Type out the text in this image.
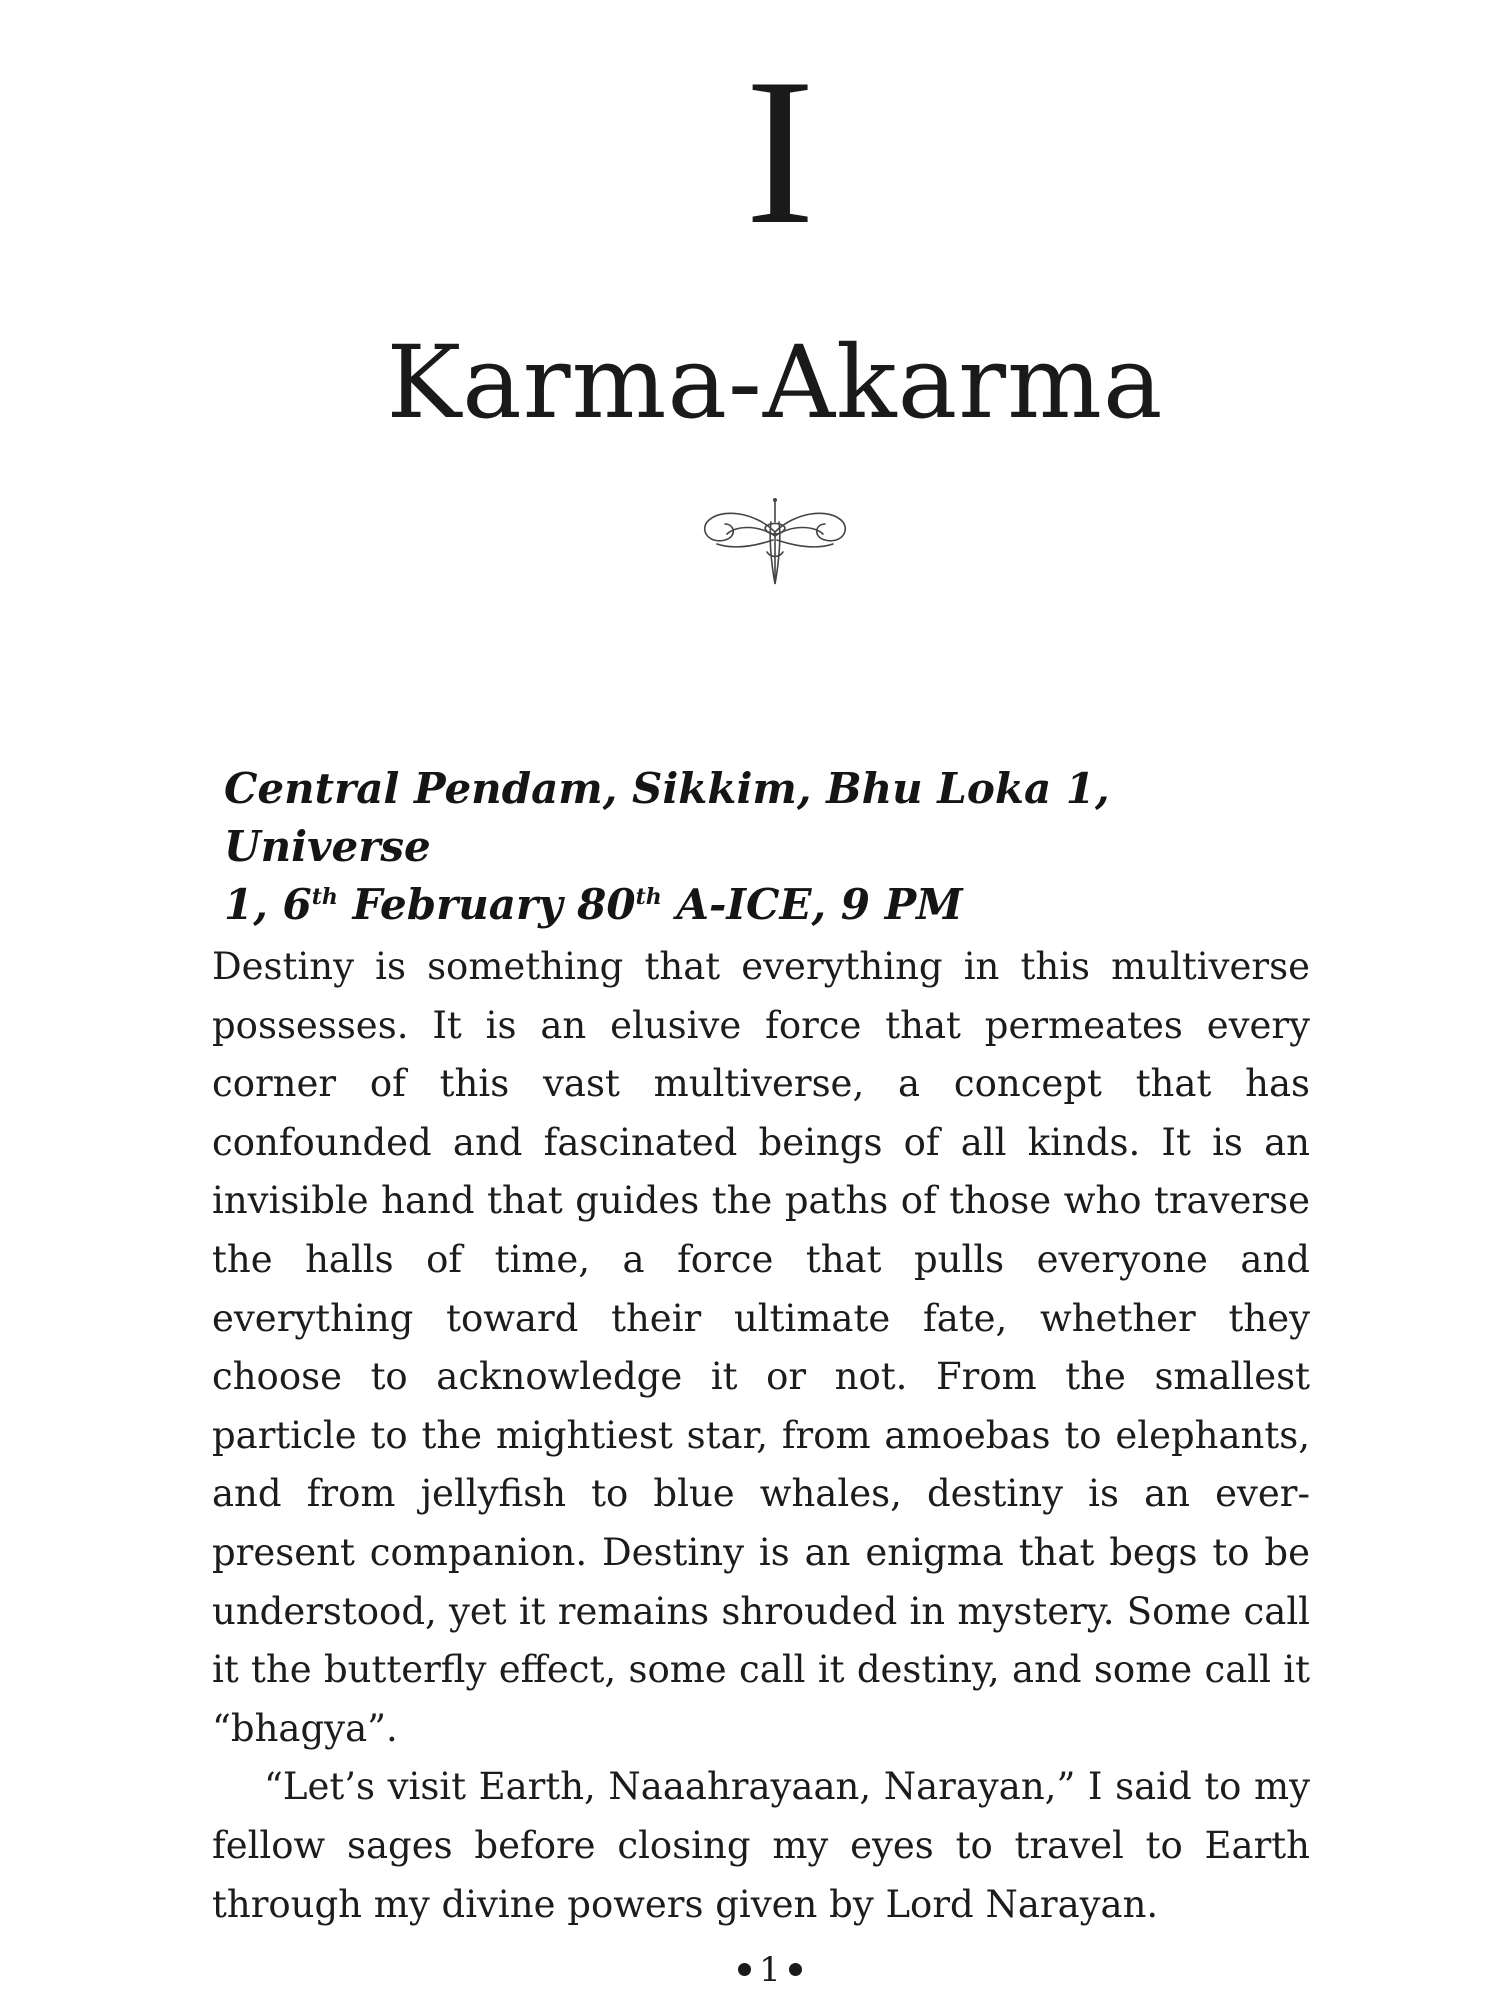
I
Karma-Akarma
Central Pendam, Sikkim, Bhu Loka 1, Universe
1, 6th February 80th A-ICE, 9 PM

Destiny is something that everything in this multiverse possesses. It is an elusive force that permeates every corner of this vast multiverse, a concept that has confounded and fascinated beings of all kinds. It is an invisible hand that guides the paths of those who traverse the halls of time, a force that pulls everyone and everything toward their ultimate fate, whether they choose to acknowledge it or not. From the smallest particle to the mightiest star, from amoebas to elephants, and from jellyfish to blue whales, destiny is an ever-present companion. Destiny is an enigma that begs to be understood, yet it remains shrouded in mystery. Some call it the butterfly effect, some call it destiny, and some call it “bhagya”.

“Let’s visit Earth, Naaahrayaan, Narayan,” I said to my fellow sages before closing my eyes to travel to Earth through my divine powers given by Lord Narayan.

1
